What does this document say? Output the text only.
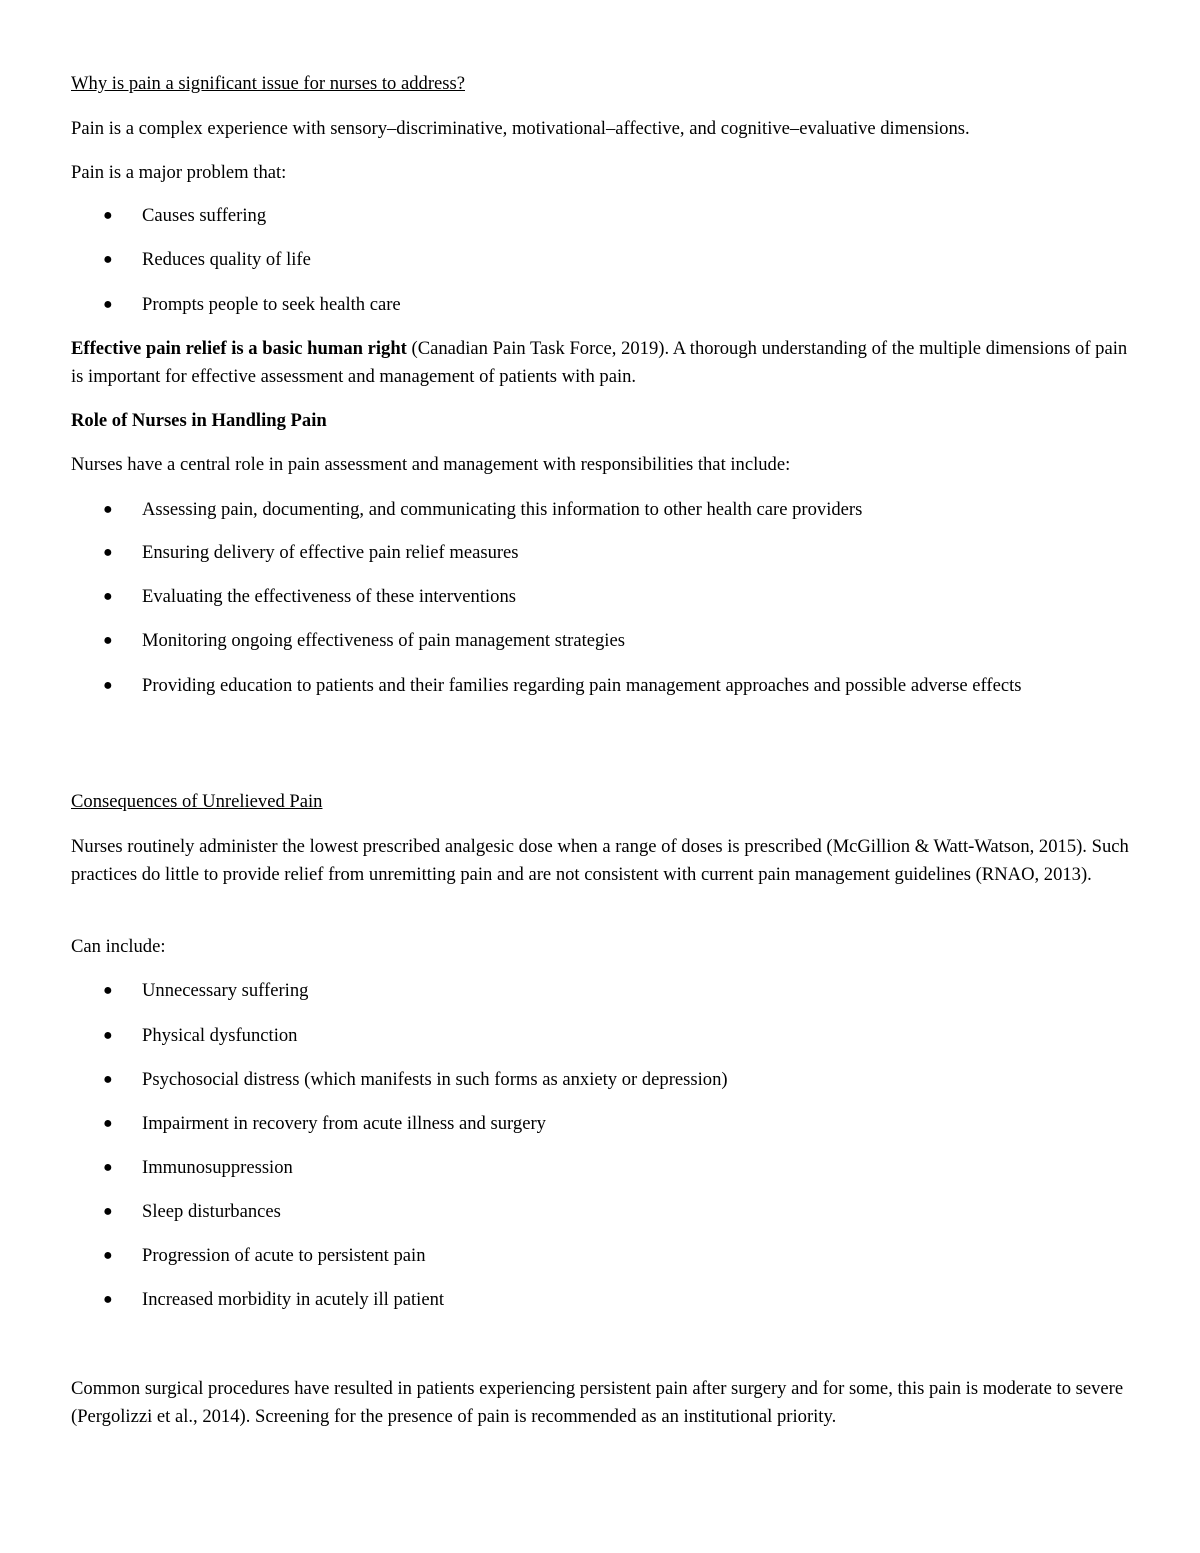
Why is pain a significant issue for nurses to address?
Pain is a complex experience with sensory–discriminative, motivational–affective, and cognitive–evaluative dimensions.
Pain is a major problem that:
●	Causes suffering
●	Reduces quality of life
●	Prompts people to seek health care
Effective pain relief is a basic human right (Canadian Pain Task Force, 2019). A thorough understanding of the multiple dimensions of pain is important for effective assessment and management of patients with pain.
Role of Nurses in Handling Pain
Nurses have a central role in pain assessment and management with responsibilities that include:
●	Assessing pain, documenting, and communicating this information to other health care providers
●	Ensuring delivery of effective pain relief measures
●	Evaluating the effectiveness of these interventions
●	Monitoring ongoing effectiveness of pain management strategies
●	Providing education to patients and their families regarding pain management approaches and possible adverse effects
Consequences of Unrelieved Pain
Nurses routinely administer the lowest prescribed analgesic dose when a range of doses is prescribed (McGillion & Watt-Watson, 2015). Such practices do little to provide relief from unremitting pain and are not consistent with current pain management guidelines (RNAO, 2013).
Can include:
●	Unnecessary suffering
●	Physical dysfunction
●	Psychosocial distress (which manifests in such forms as anxiety or depression)
●	Impairment in recovery from acute illness and surgery
●	Immunosuppression
●	Sleep disturbances
●	Progression of acute to persistent pain
●	Increased morbidity in acutely ill patient
Common surgical procedures have resulted in patients experiencing persistent pain after surgery and for some, this pain is moderate to severe (Pergolizzi et al., 2014). Screening for the presence of pain is recommended as an institutional priority.
